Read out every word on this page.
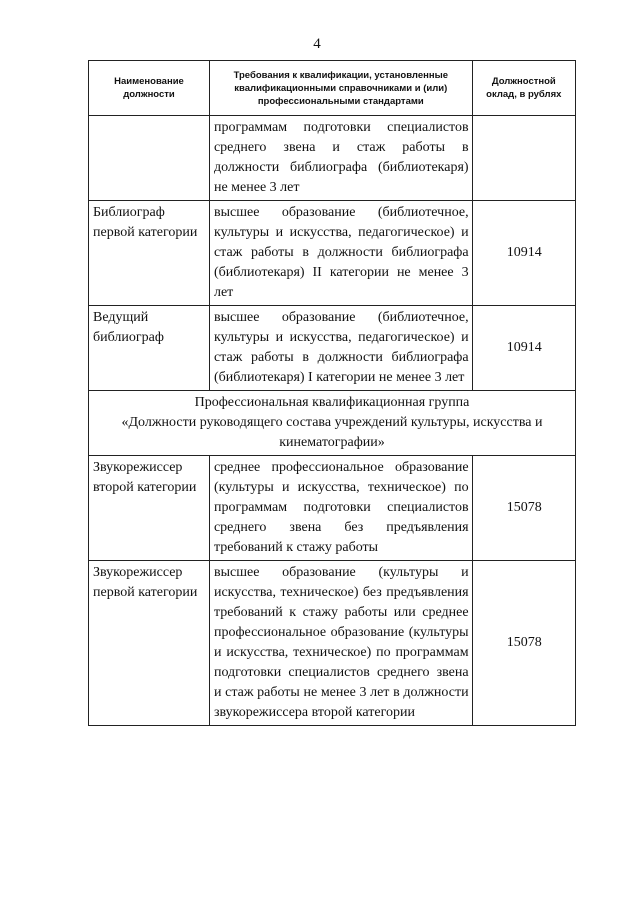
4
Наименование должности	Требования к квалификации, установленные квалификационными справочниками и (или) профессиональными стандартами	Должностной оклад, в рублях
	программам подготовки специалистов среднего звена и стаж работы в должности библиографа (библиотекаря) не менее 3 лет	
Библиограф первой категории	высшее образование (библиотечное, культуры и искусства, педагогическое) и стаж работы в должности библиографа (библиотекаря) II категории не менее 3 лет	10914
Ведущий библиограф	высшее образование (библиотечное, культуры и искусства, педагогическое) и стаж работы в должности библиографа (библиотекаря) I категории не менее 3 лет	10914

Профессиональная квалификационная группа
«Должности руководящего состава учреждений культуры, искусства и кинематографии»		

Звукорежиссер второй категории	среднее профессиональное образование (культуры и искусства, техническое) по программам подготовки специалистов среднего звена без предъявления требований к стажу работы	15078
Звукорежиссер первой категории	высшее образование (культуры и искусства, техническое) без предъявления требований к стажу работы или среднее профессиональное образование (культуры и искусства, техническое) по программам подготовки специалистов среднего звена и стаж работы не менее 3 лет в должности звукорежиссера второй категории	15078
